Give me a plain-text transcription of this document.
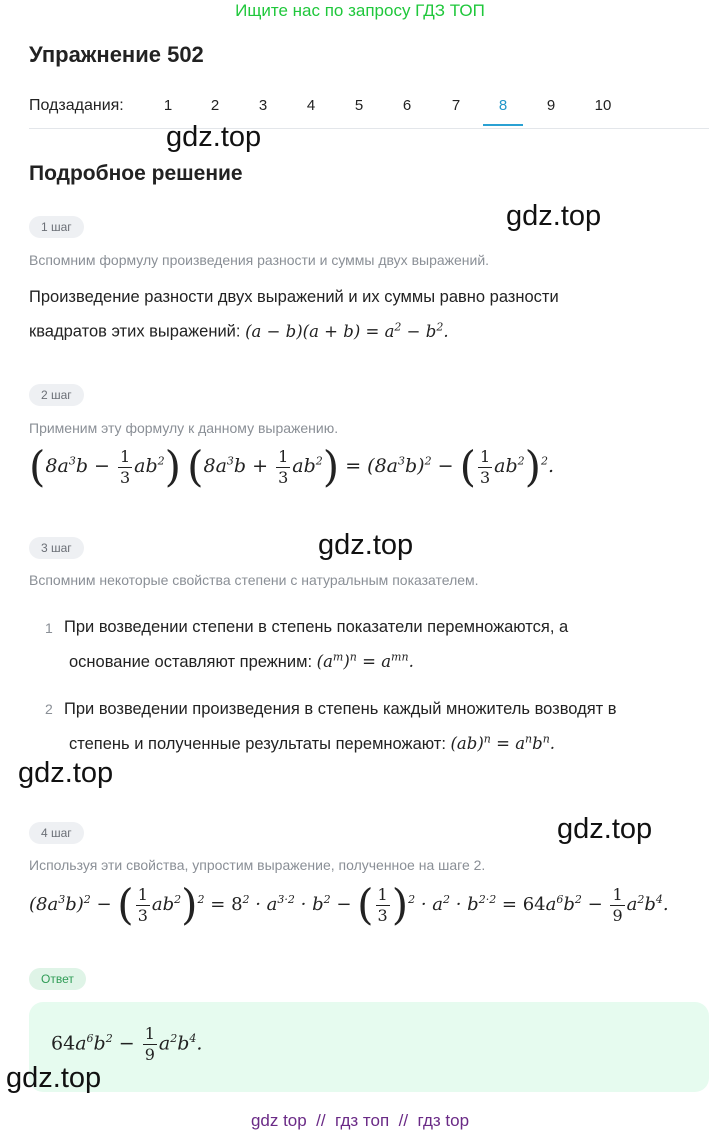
Ищите нас по запросу ГДЗ ТОП
Упражнение 502
Подзадания:	1	2	3	4	5	6	7	8	9	10
Подробное решение
1 шаг
Вспомним формулу произведения разности и суммы двух выражений.
Произведение разности двух выражений и их суммы равно разности
квадратов этих выражений: $(a - b)(a + b) = a^2 - b^2$.
2 шаг
Применим эту формулу к данному выражению.
$(8a^3b - \frac{1}{3} ab^2) (8a^3b + \frac{1}{3} ab^2) = (8a^3b)^2$ − ( $\frac{1}{3} ab^2)^2$.
3 шаг
Вспомним некоторые свойства степени с натуральным показателем.
1 При возведении степени в степень показатели перемножаются, а
основание оставляют прежним: $(a^m)^n = a^{mn}$.
2 При возведении произведения в степень каждый множитель возводят в
степень и полученные результаты перемножают: $(ab)^n = a^nb^n$.
4 шаг
Используя эти свойства, упростим выражение, полученное на шаге 2.
$(8a^3b)^2$ − ( $\frac{1}{3} ab^2)^2 = 8^2 \cdot a^{3\cdot 2} \cdot b^2$ − ( $\frac{1}{3} )^2 \cdot a^2 \cdot b^{2\cdot 2} = 64a^6b^2 - \frac{1}{9} a^2b^4$.
Ответ
$64a^6b^2 - \frac{1}{9} a^2b^4$.
gdz.top
gdz.top
gdz.top
gdz.top
gdz.top
gdz.top
gdz top  //  гдз топ  //  гдз top
